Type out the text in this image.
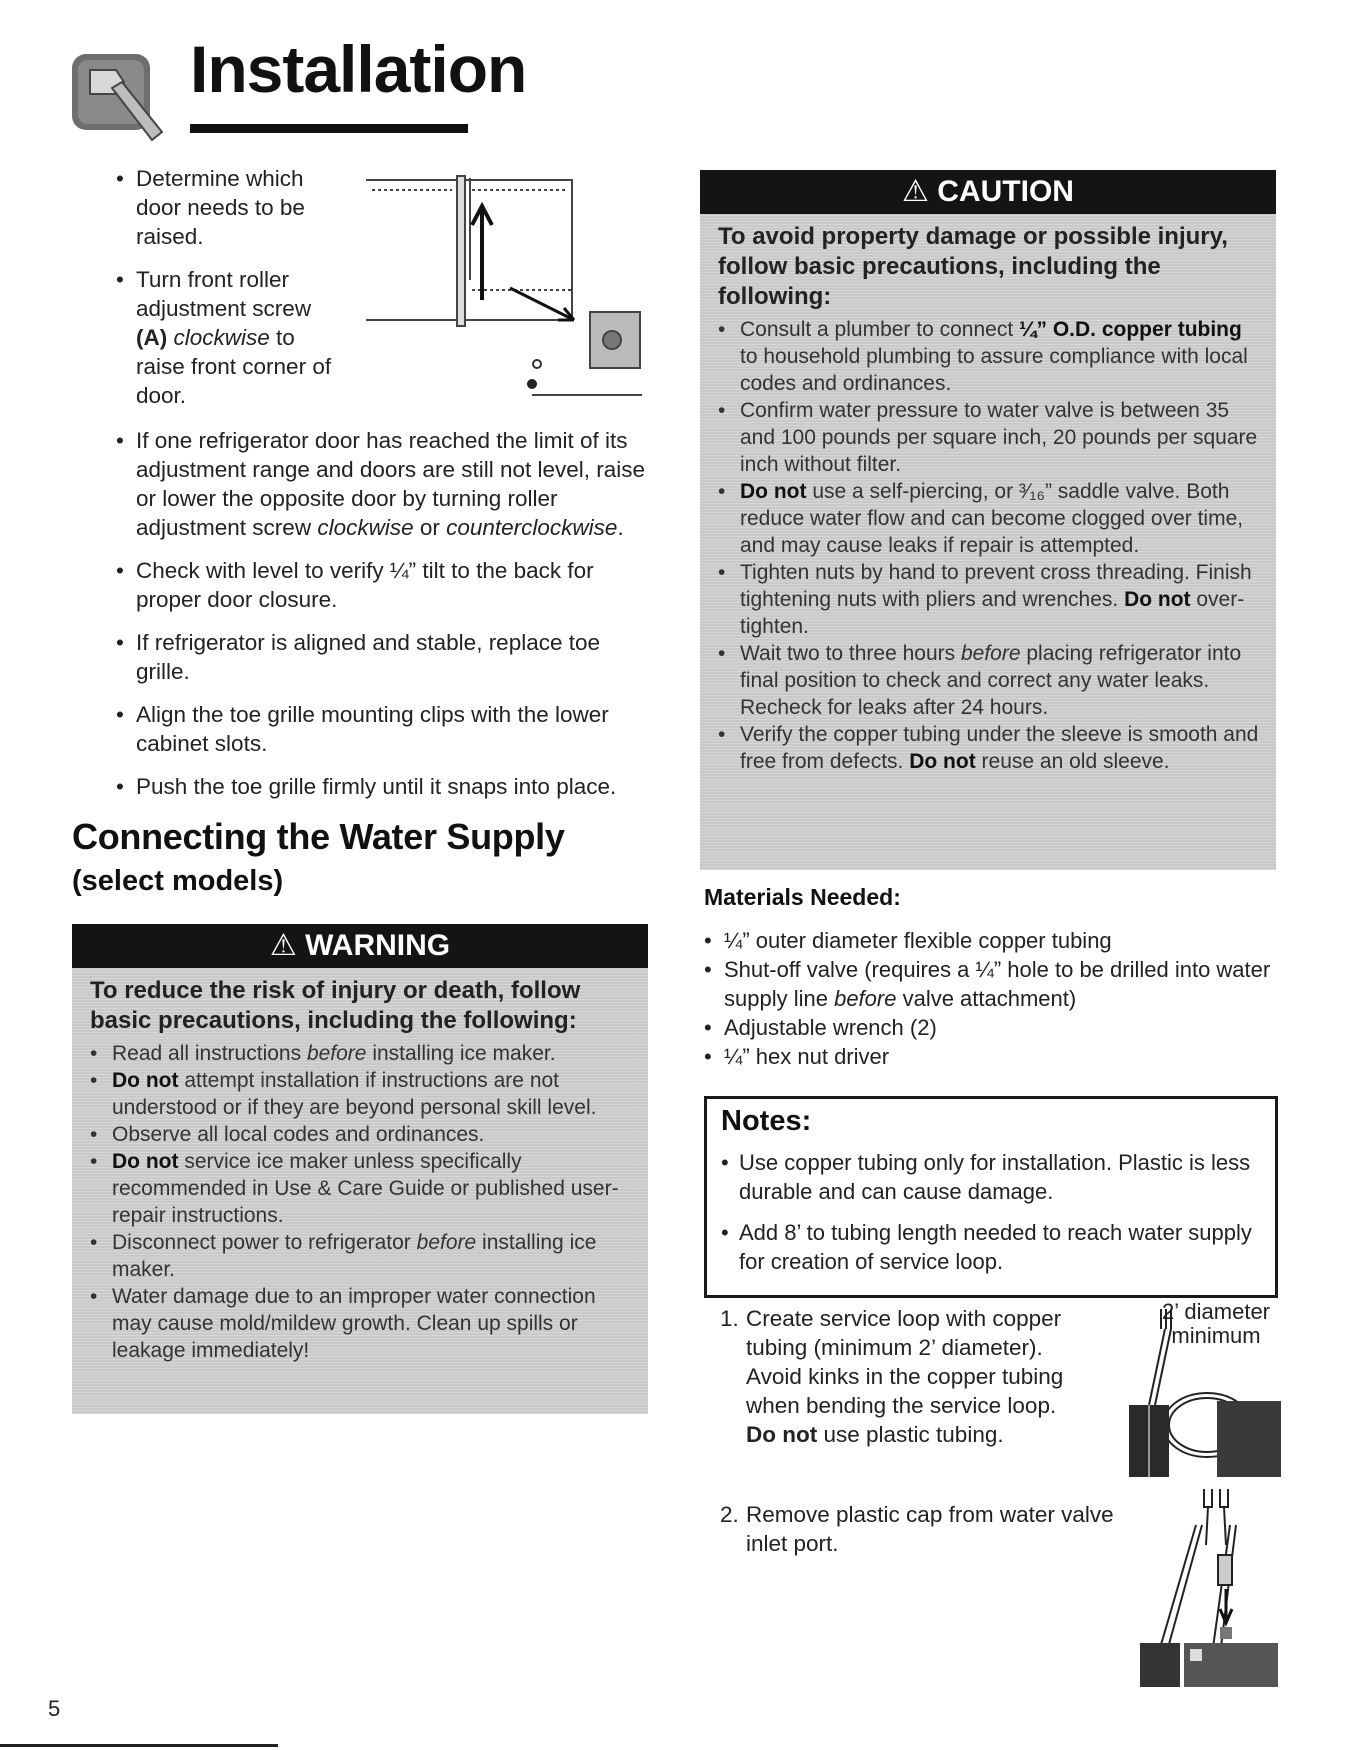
Installation
• Determine which door needs to be raised.
• Turn front roller adjustment screw (A) clockwise to raise front corner of door.
• If one refrigerator door has reached the limit of its adjustment range and doors are still not level, raise or lower the opposite door by turning roller adjustment screw clockwise or counterclockwise.
• Check with level to verify ¼” tilt to the back for proper door closure.
• If refrigerator is aligned and stable, replace toe grille.
• Align the toe grille mounting clips with the lower cabinet slots.
• Push the toe grille firmly until it snaps into place.
Connecting the Water Supply
(select models)
⚠ WARNING
To reduce the risk of injury or death, follow basic precautions, including the following:
• Read all instructions before installing ice maker.
• Do not attempt installation if instructions are not understood or if they are beyond personal skill level.
• Observe all local codes and ordinances.
• Do not service ice maker unless specifically recommended in Use & Care Guide or published user-repair instructions.
• Disconnect power to refrigerator before installing ice maker.
• Water damage due to an improper water connection may cause mold/mildew growth. Clean up spills or leakage immediately!
⚠ CAUTION
To avoid property damage or possible injury, follow basic precautions, including the following:
• Consult a plumber to connect ¼” O.D. copper tubing to household plumbing to assure compliance with local codes and ordinances.
• Confirm water pressure to water valve is between 35 and 100 pounds per square inch, 20 pounds per square inch without filter.
• Do not use a self-piercing, or ³⁄₁₆” saddle valve. Both reduce water flow and can become clogged over time, and may cause leaks if repair is attempted.
• Tighten nuts by hand to prevent cross threading. Finish tightening nuts with pliers and wrenches. Do not over-tighten.
• Wait two to three hours before placing refrigerator into final position to check and correct any water leaks. Recheck for leaks after 24 hours.
• Verify the copper tubing under the sleeve is smooth and free from defects. Do not reuse an old sleeve.
Materials Needed:
• ¼” outer diameter flexible copper tubing
• Shut-off valve (requires a ¼” hole to be drilled into water supply line before valve attachment)
• Adjustable wrench (2)
• ¼” hex nut driver
Notes:
• Use copper tubing only for installation. Plastic is less durable and can cause damage.
• Add 8’ to tubing length needed to reach water supply for creation of service loop.
1. Create service loop with copper tubing (minimum 2’ diameter). Avoid kinks in the copper tubing when bending the service loop. Do not use plastic tubing.
2. Remove plastic cap from water valve inlet port.
2’ diameter
minimum
5
